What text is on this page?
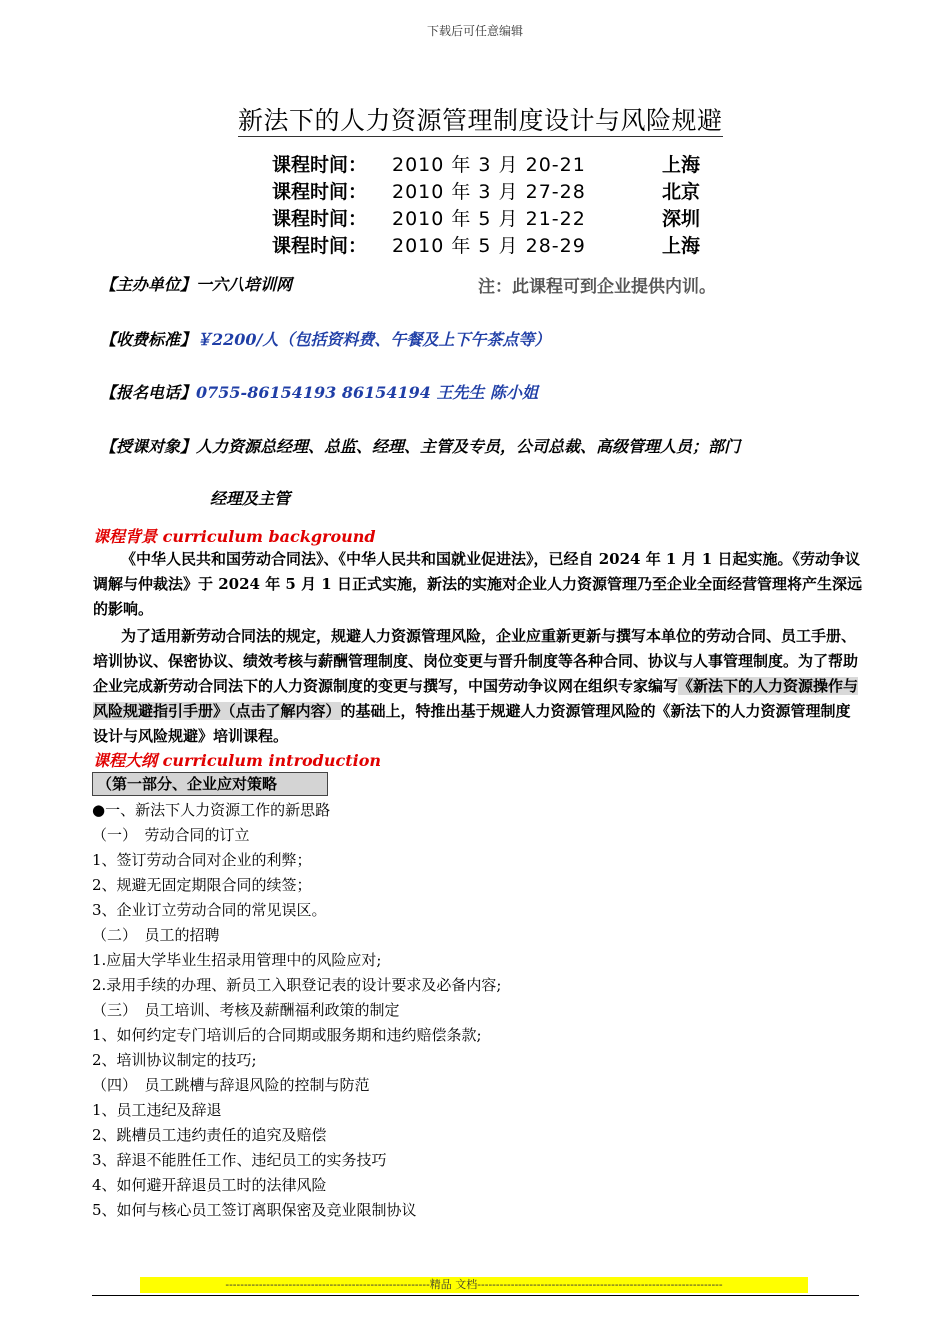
下载后可任意编辑
新法下的人力资源管理制度设计与风险规避
课程时间： 2010 年 3 月 20-21	上海
课程时间： 2010 年 3 月 27-28	北京
课程时间： 2010 年 5 月 21-22	深圳
课程时间： 2010 年 5 月 28-29	上海
【主办单位】一六八培训网	注：此课程可到企业提供内训。
【收费标准】￥2200/人（包括资料费、午餐及上下午茶点等）
【报名电话】0755-86154193 86154194 王先生 陈小姐
【授课对象】人力资源总经理、总监、经理、主管及专员，公司总裁、高级管理人员；部门
经理及主管
课程背景 curriculum background
《中华人民共和国劳动合同法》、《中华人民共和国就业促进法》，已经自 2024 年 1 月 1 日起实施。《劳动争议调解与仲裁法》于 2024 年 5 月 1 日正式实施，新法的实施对企业人力资源管理乃至企业全面经营管理将产生深远的影响。
为了适用新劳动合同法的规定，规避人力资源管理风险，企业应重新更新与撰写本单位的劳动合同、员工手册、培训协议、保密协议、绩效考核与薪酬管理制度、岗位变更与晋升制度等各种合同、协议与人事管理制度。为了帮助企业完成新劳动合同法下的人力资源制度的变更与撰写，中国劳动争议网在组织专家编写《新法下的人力资源操作与风险规避指引手册》（点击了解内容）的基础上，特推出基于规避人力资源管理风险的《新法下的人力资源管理制度设计与风险规避》培训课程。
课程大纲 curriculum introduction
（第一部分、企业应对策略
●一、新法下人力资源工作的新思路
（一）　劳动合同的订立
1、签订劳动合同对企业的利弊；
2、规避无固定期限合同的续签；
3、企业订立劳动合同的常见误区。
（二）　员工的招聘
1.应届大学毕业生招录用管理中的风险应对;
2.录用手续的办理、新员工入职登记表的设计要求及必备内容;
（三）　员工培训、考核及薪酬福利政策的制定
1、如何约定专门培训后的合同期或服务期和违约赔偿条款;
2、培训协议制定的技巧;
（四）　员工跳槽与辞退风险的控制与防范
1、员工违纪及辞退
2、跳槽员工违约责任的追究及赔偿
3、辞退不能胜任工作、违纪员工的实务技巧
4、如何避开辞退员工时的法律风险
5、如何与核心员工签订离职保密及竞业限制协议
-------------------------------------------------------精品 文档------------------------------------------------------------------
